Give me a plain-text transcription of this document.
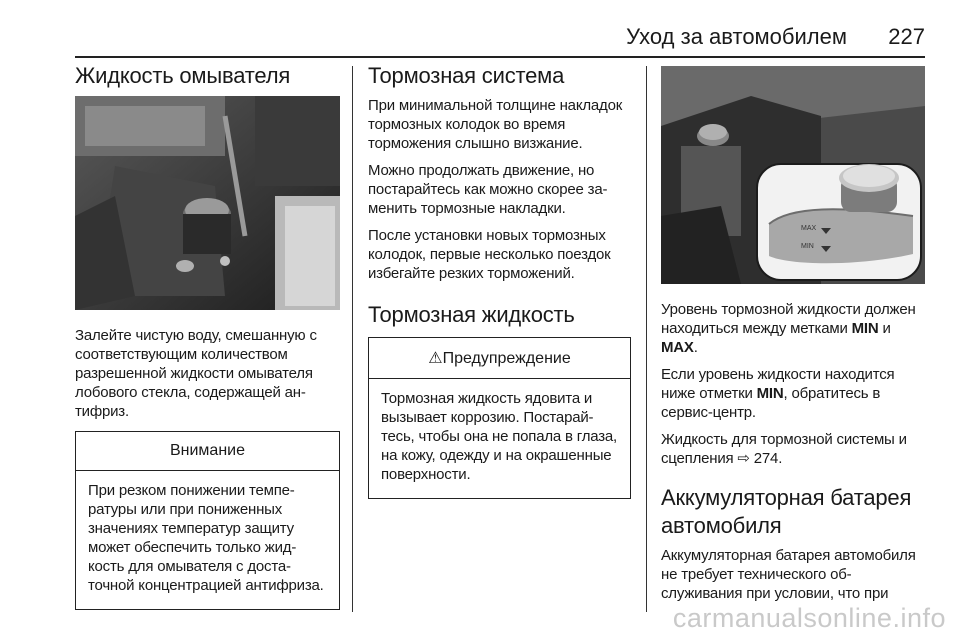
Уход за автомобилем 227
Жидкость омывателя

Залейте чистую воду, смешанную с соответствующим количеством разрешенной жидкости омывателя лобового стекла, содержащей антифриз.

Внимание

При резком понижении температуры или при пониженных значениях температур защиту может обеспечить только жидкость для омывателя с достаточной концентрацией антифриза.

Тормозная система

При минимальной толщине накладок тормозных колодок во время торможения слышно визжание.

Можно продолжать движение, но постарайтесь как можно скорее заменить тормозные накладки.

После установки новых тормозных колодок, первые несколько поездок избегайте резких торможений.

Тормозная жидкость
⚠Предупреждение

Тормозная жидкость ядовита и вызывает коррозию. Постарайтесь, чтобы она не попала в глаза, на кожу, одежду и на окрашенные поверхности.

MAX
MIN

Уровень тормозной жидкости должен находиться между метками MIN и MAX.

Если уровень жидкости находится ниже отметки MIN, обратитесь в сервис-центр.

Жидкость для тормозной системы и сцепления ⇨ 274.

Аккумуляторная батарея автомобиля

Аккумуляторная батарея автомобиля не требует технического обслуживания при условии, что при

carmanualsonline.info
